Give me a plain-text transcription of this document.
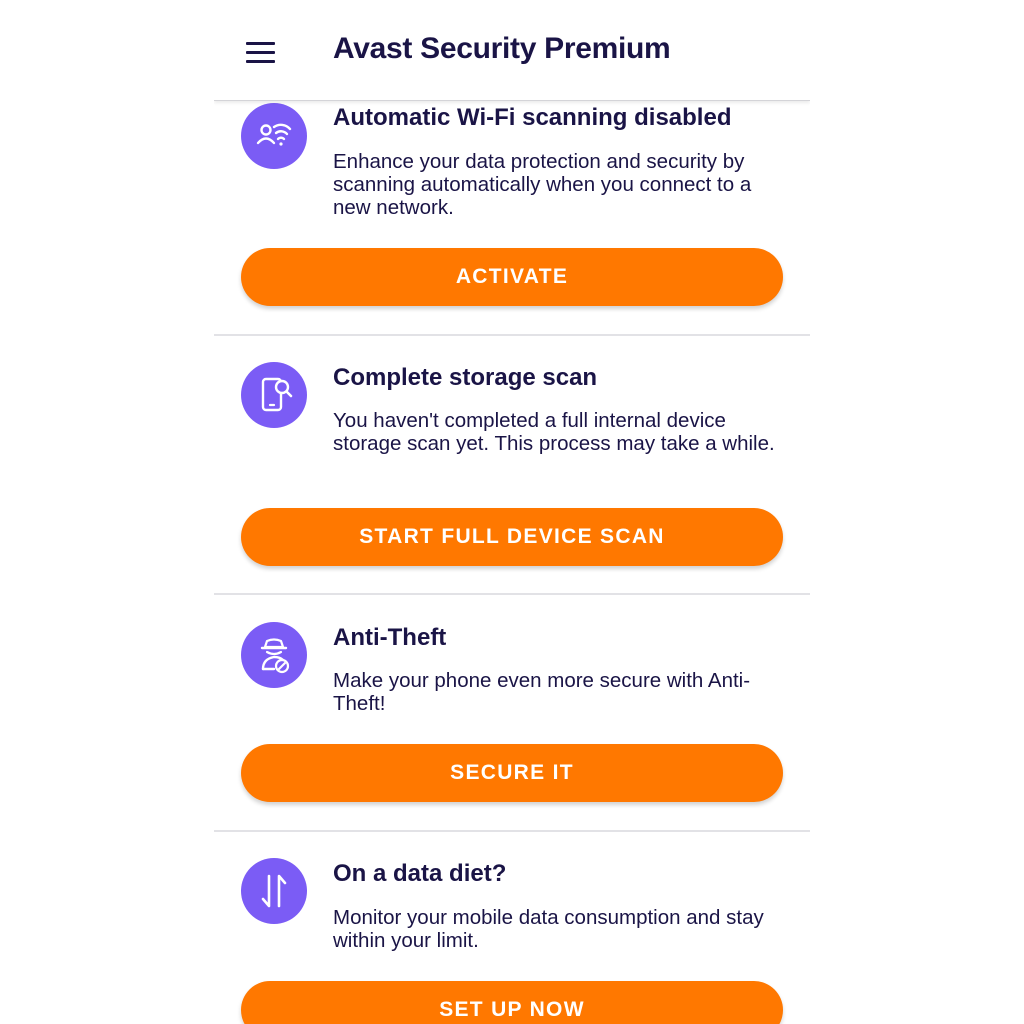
Automatic Wi-Fi scanning disabled
Enhance your data protection and security by scanning automatically when you connect to a new network.
ACTIVATE
Complete storage scan
You haven't completed a full internal device storage scan yet. This process may take a while.
START FULL DEVICE SCAN
Anti-Theft
Make your phone even more secure with Anti-Theft!
SECURE IT
On a data diet?
Monitor your mobile data consumption and stay within your limit.
SET UP NOW
Avast Security Premium
